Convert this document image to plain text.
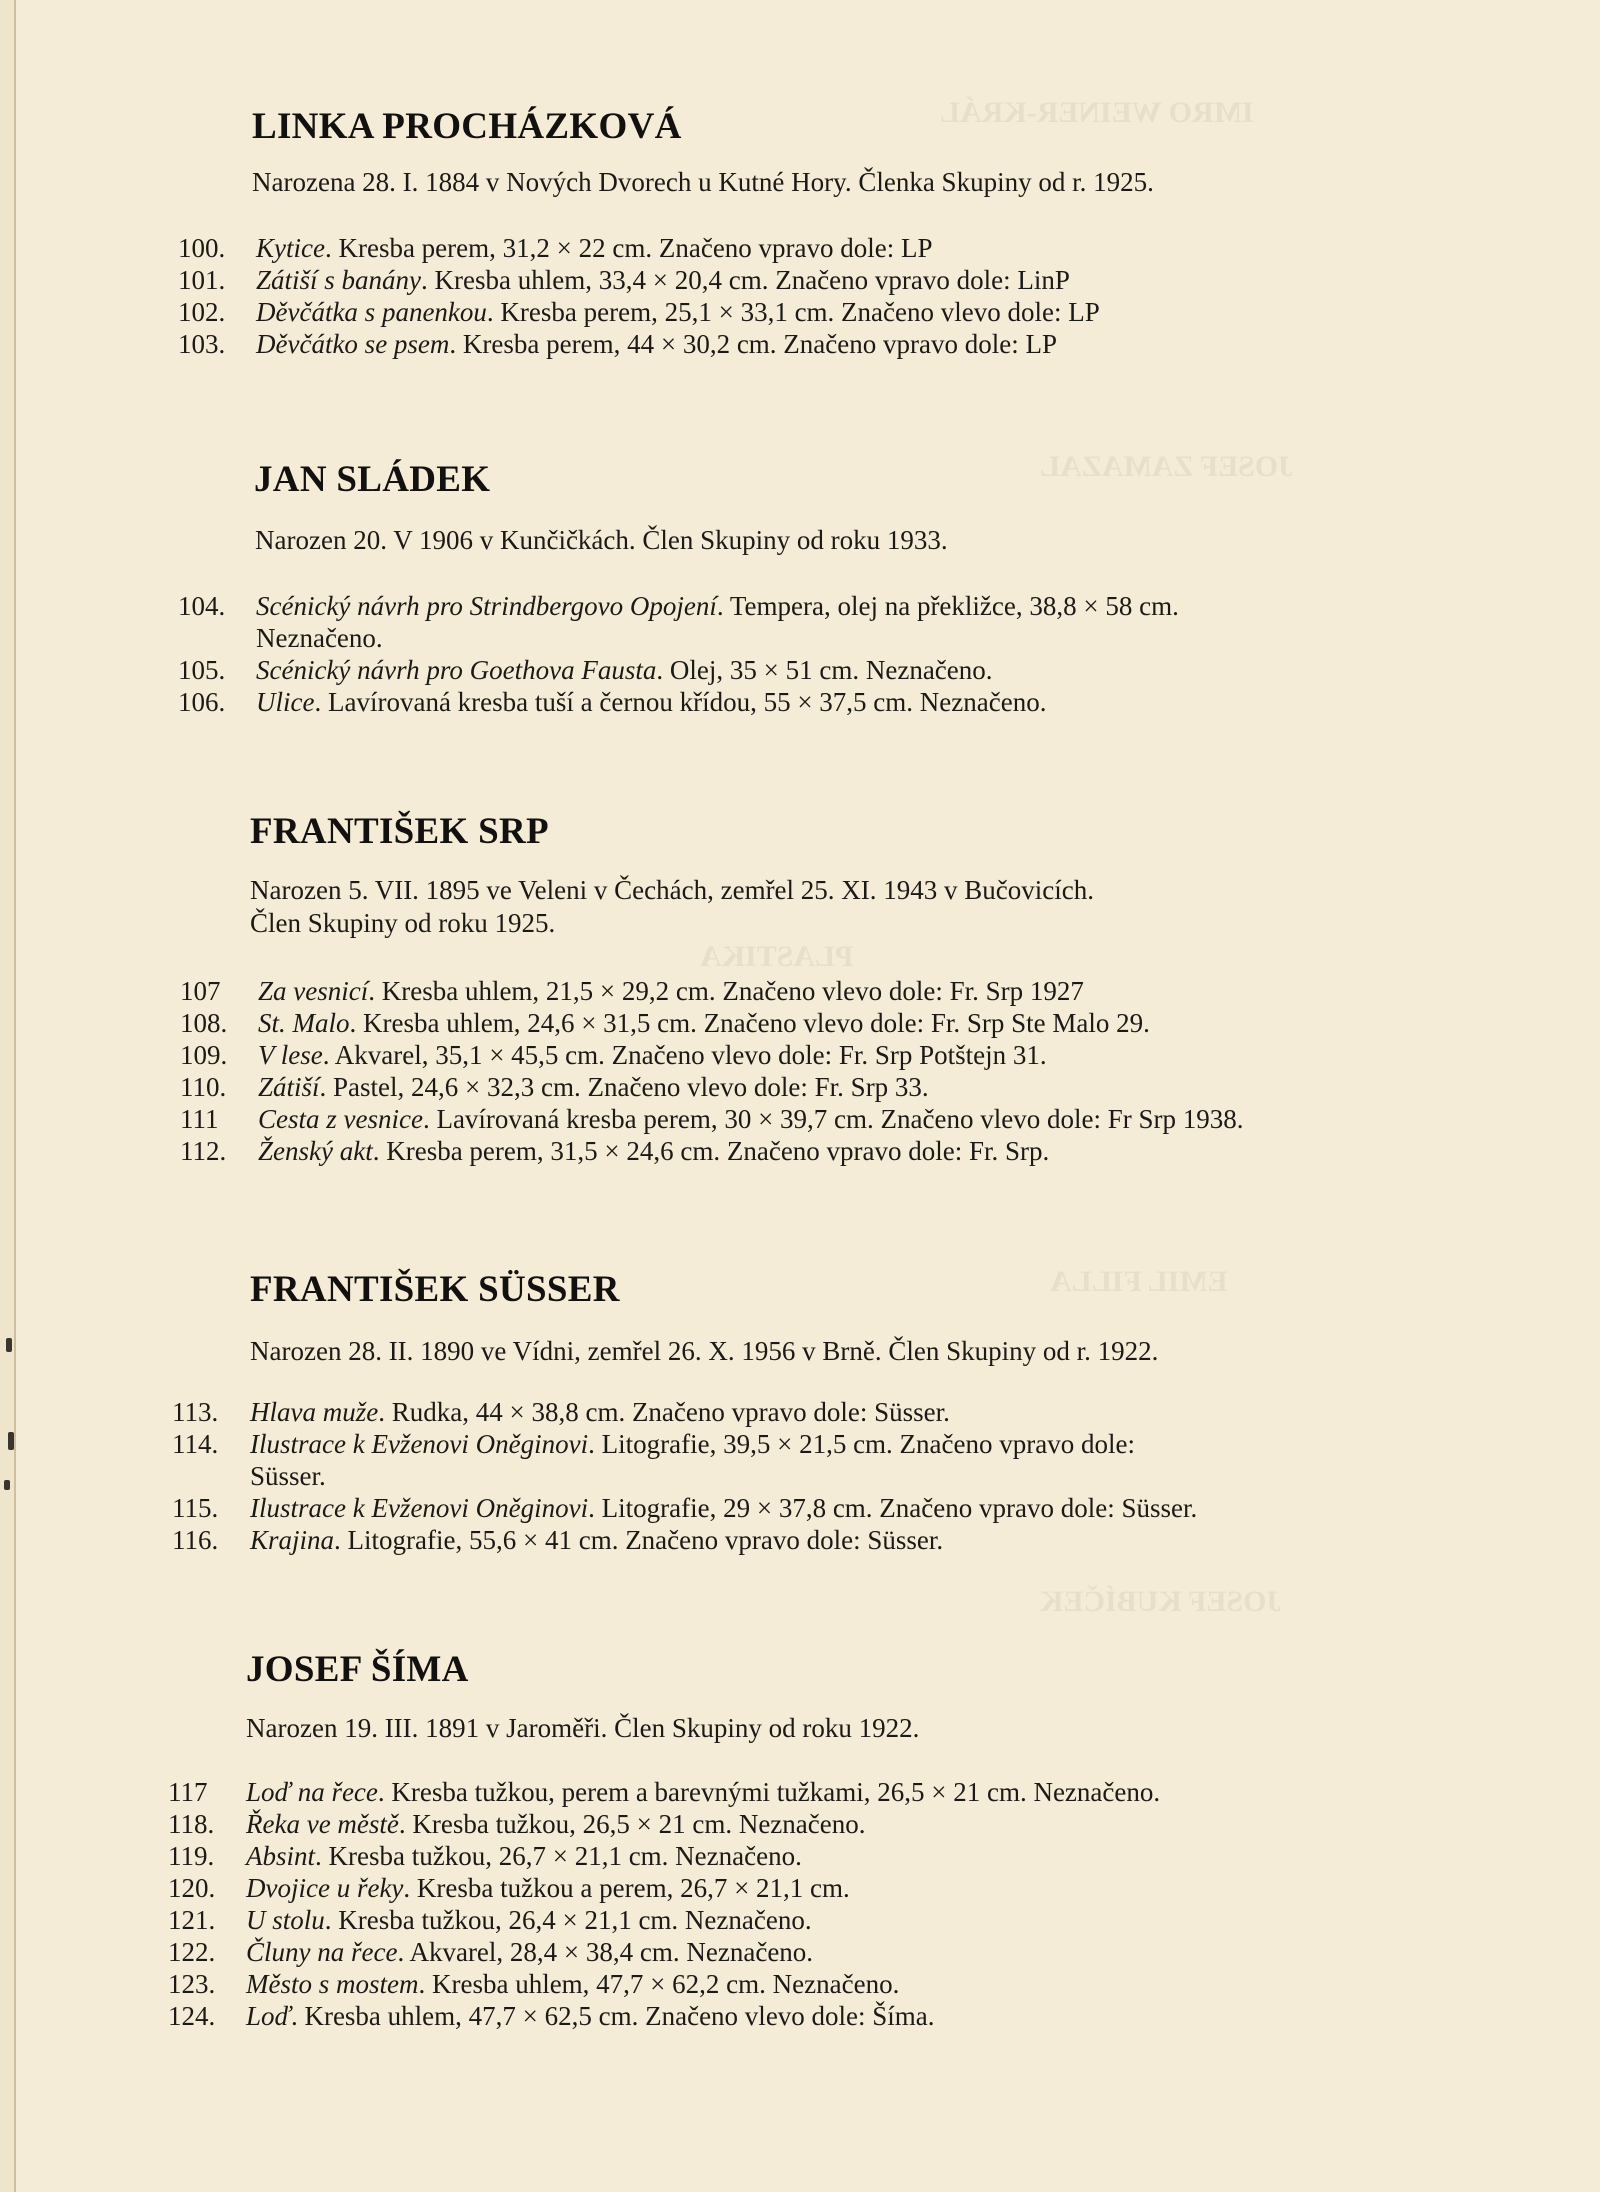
IMRO WEINER-KRÁL
JOSEF ZAMAZAL
PLASTIKA
EMIL FILLA
JOSEF KUBÍČEK
LINKA PROCHÁZKOVÁ
Narozena 28. I. 1884 v Nových Dvorech u Kutné Hory. Členka Skupiny od r. 1925.
100. Kytice. Kresba perem, 31,2 × 22 cm. Značeno vpravo dole: LP
101. Zátiší s banány. Kresba uhlem, 33,4 × 20,4 cm. Značeno vpravo dole: LinP
102. Děvčátka s panenkou. Kresba perem, 25,1 × 33,1 cm. Značeno vlevo dole: LP
103. Děvčátko se psem. Kresba perem, 44 × 30,2 cm. Značeno vpravo dole: LP
JAN SLÁDEK
Narozen 20. V 1906 v Kunčičkách. Člen Skupiny od roku 1933.
104. Scénický návrh pro Strindbergovo Opojení. Tempera, olej na překližce, 38,8 × 58 cm.
Neznačeno.
105. Scénický návrh pro Goethova Fausta. Olej, 35 × 51 cm. Neznačeno.
106. Ulice. Lavírovaná kresba tuší a černou křídou, 55 × 37,5 cm. Neznačeno.
FRANTIŠEK SRP
Narozen 5. VII. 1895 ve Veleni v Čechách, zemřel 25. XI. 1943 v Bučovicích.
Člen Skupiny od roku 1925.
107 Za vesnicí. Kresba uhlem, 21,5 × 29,2 cm. Značeno vlevo dole: Fr. Srp 1927
108. St. Malo. Kresba uhlem, 24,6 × 31,5 cm. Značeno vlevo dole: Fr. Srp Ste Malo 29.
109. V lese. Akvarel, 35,1 × 45,5 cm. Značeno vlevo dole: Fr. Srp Potštejn 31.
110. Zátiší. Pastel, 24,6 × 32,3 cm. Značeno vlevo dole: Fr. Srp 33.
111 Cesta z vesnice. Lavírovaná kresba perem, 30 × 39,7 cm. Značeno vlevo dole: Fr Srp 1938.
112. Ženský akt. Kresba perem, 31,5 × 24,6 cm. Značeno vpravo dole: Fr. Srp.
FRANTIŠEK SÜSSER
Narozen 28. II. 1890 ve Vídni, zemřel 26. X. 1956 v Brně. Člen Skupiny od r. 1922.
113. Hlava muže. Rudka, 44 × 38,8 cm. Značeno vpravo dole: Süsser.
114. Ilustrace k Evženovi Oněginovi. Litografie, 39,5 × 21,5 cm. Značeno vpravo dole:
Süsser.
115. Ilustrace k Evženovi Oněginovi. Litografie, 29 × 37,8 cm. Značeno vpravo dole: Süsser.
116. Krajina. Litografie, 55,6 × 41 cm. Značeno vpravo dole: Süsser.
JOSEF ŠÍMA
Narozen 19. III. 1891 v Jaroměři. Člen Skupiny od roku 1922.
117 Loď na řece. Kresba tužkou, perem a barevnými tužkami, 26,5 × 21 cm. Neznačeno.
118. Řeka ve městě. Kresba tužkou, 26,5 × 21 cm. Neznačeno.
119. Absint. Kresba tužkou, 26,7 × 21,1 cm. Neznačeno.
120. Dvojice u řeky. Kresba tužkou a perem, 26,7 × 21,1 cm.
121. U stolu. Kresba tužkou, 26,4 × 21,1 cm. Neznačeno.
122. Čluny na řece. Akvarel, 28,4 × 38,4 cm. Neznačeno.
123. Město s mostem. Kresba uhlem, 47,7 × 62,2 cm. Neznačeno.
124. Loď. Kresba uhlem, 47,7 × 62,5 cm. Značeno vlevo dole: Šíma.
